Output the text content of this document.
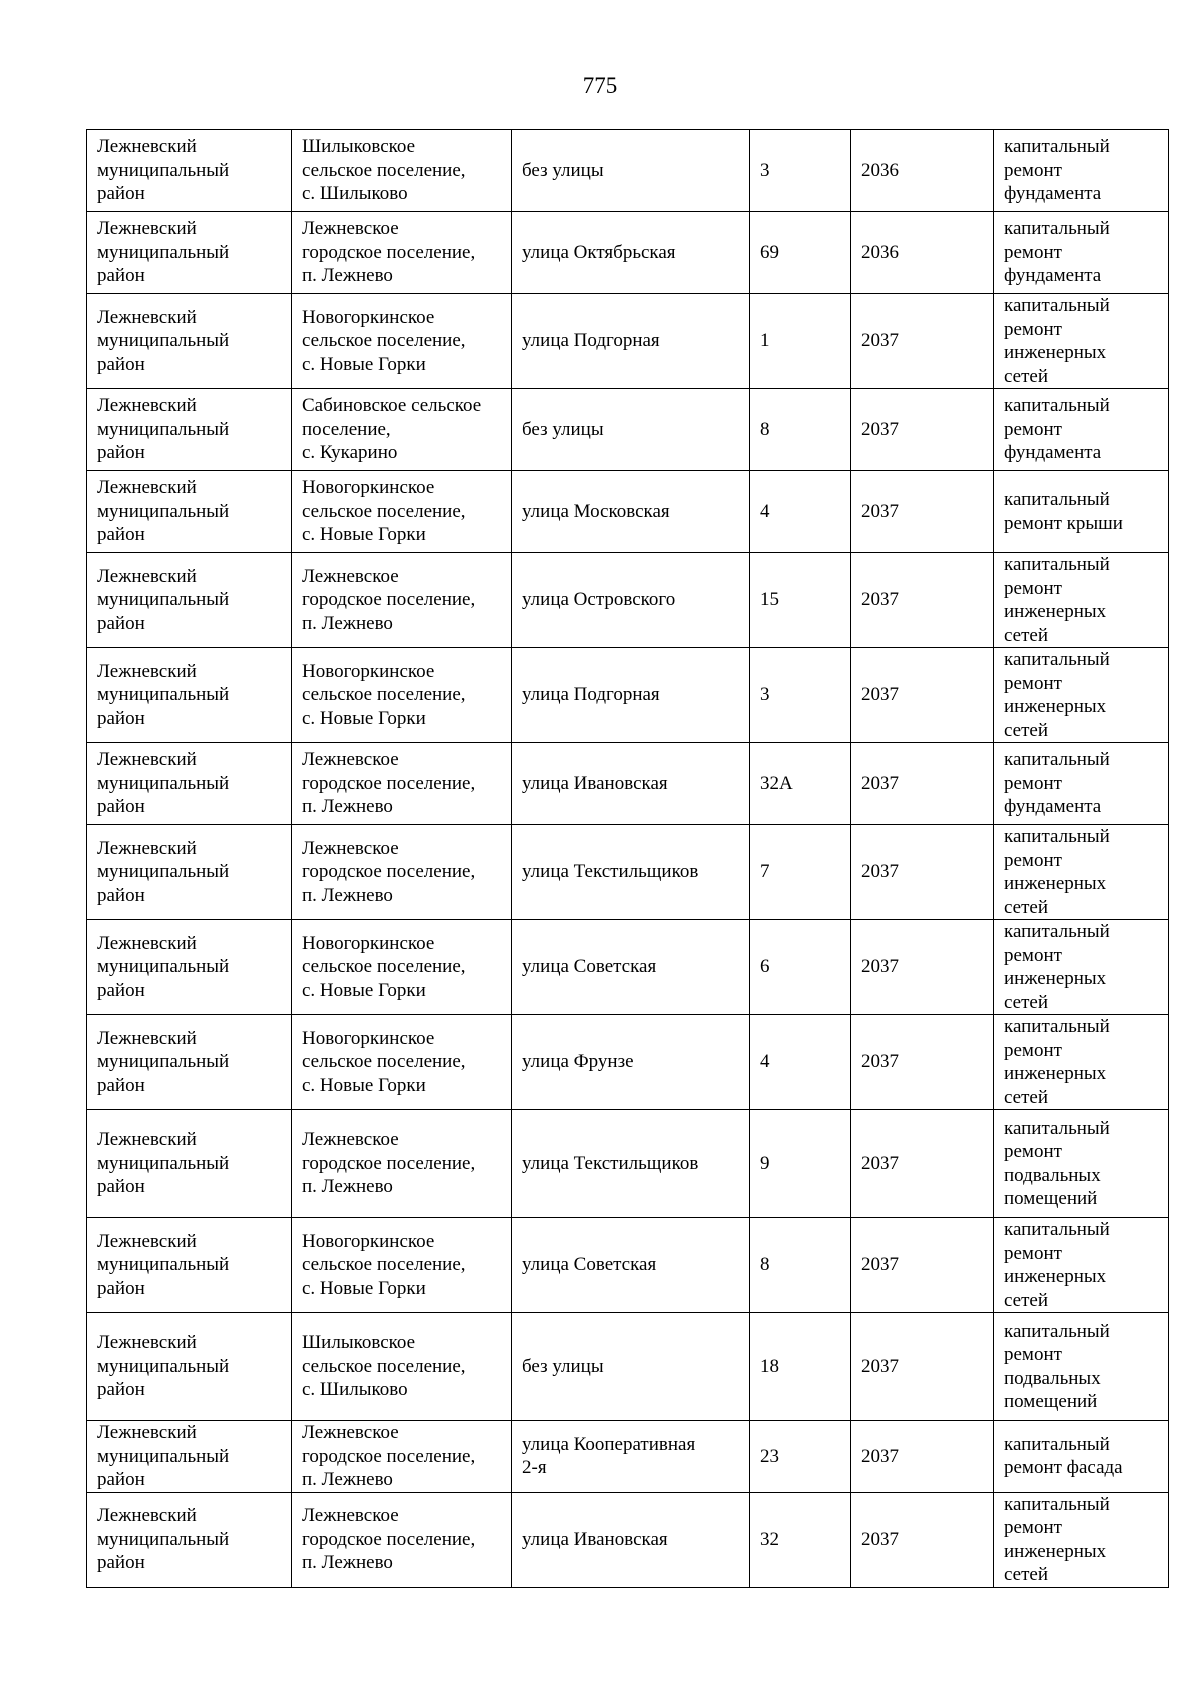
775
Лежневский
муниципальный
район	Шилыковское
сельское поселение,
с. Шилыково	без улицы	3	2036	капитальный
ремонт
фундамента

Лежневский
муниципальный
район	Лежневское
городское поселение,
п. Лежнево	улица Октябрьская	69	2036	капитальный
ремонт
фундамента

Лежневский
муниципальный
район	Новогоркинское
сельское поселение,
с. Новые Горки	улица Подгорная	1	2037	капитальный
ремонт
инженерных
сетей

Лежневский
муниципальный
район	Сабиновское сельское
поселение,
с. Кукарино	без улицы	8	2037	капитальный
ремонт
фундамента

Лежневский
муниципальный
район	Новогоркинское
сельское поселение,
с. Новые Горки	улица Московская	4	2037	капитальный
ремонт крыши

Лежневский
муниципальный
район	Лежневское
городское поселение,
п. Лежнево	улица Островского	15	2037	капитальный
ремонт
инженерных
сетей

Лежневский
муниципальный
район	Новогоркинское
сельское поселение,
с. Новые Горки	улица Подгорная	3	2037	капитальный
ремонт
инженерных
сетей

Лежневский
муниципальный
район	Лежневское
городское поселение,
п. Лежнево	улица Ивановская	32А	2037	капитальный
ремонт
фундамента

Лежневский
муниципальный
район	Лежневское
городское поселение,
п. Лежнево	улица Текстильщиков	7	2037	капитальный
ремонт
инженерных
сетей

Лежневский
муниципальный
район	Новогоркинское
сельское поселение,
с. Новые Горки	улица Советская	6	2037	капитальный
ремонт
инженерных
сетей

Лежневский
муниципальный
район	Новогоркинское
сельское поселение,
с. Новые Горки	улица Фрунзе	4	2037	капитальный
ремонт
инженерных
сетей

Лежневский
муниципальный
район	Лежневское
городское поселение,
п. Лежнево	улица Текстильщиков	9	2037	капитальный
ремонт
подвальных
помещений

Лежневский
муниципальный
район	Новогоркинское
сельское поселение,
с. Новые Горки	улица Советская	8	2037	капитальный
ремонт
инженерных
сетей

Лежневский
муниципальный
район	Шилыковское
сельское поселение,
с. Шилыково	без улицы	18	2037	капитальный
ремонт
подвальных
помещений

Лежневский
муниципальный
район	Лежневское
городское поселение,
п. Лежнево	улица Кооперативная
2-я	23	2037	капитальный
ремонт фасада

Лежневский
муниципальный
район	Лежневское
городское поселение,
п. Лежнево	улица Ивановская	32	2037	капитальный
ремонт
инженерных
сетей
